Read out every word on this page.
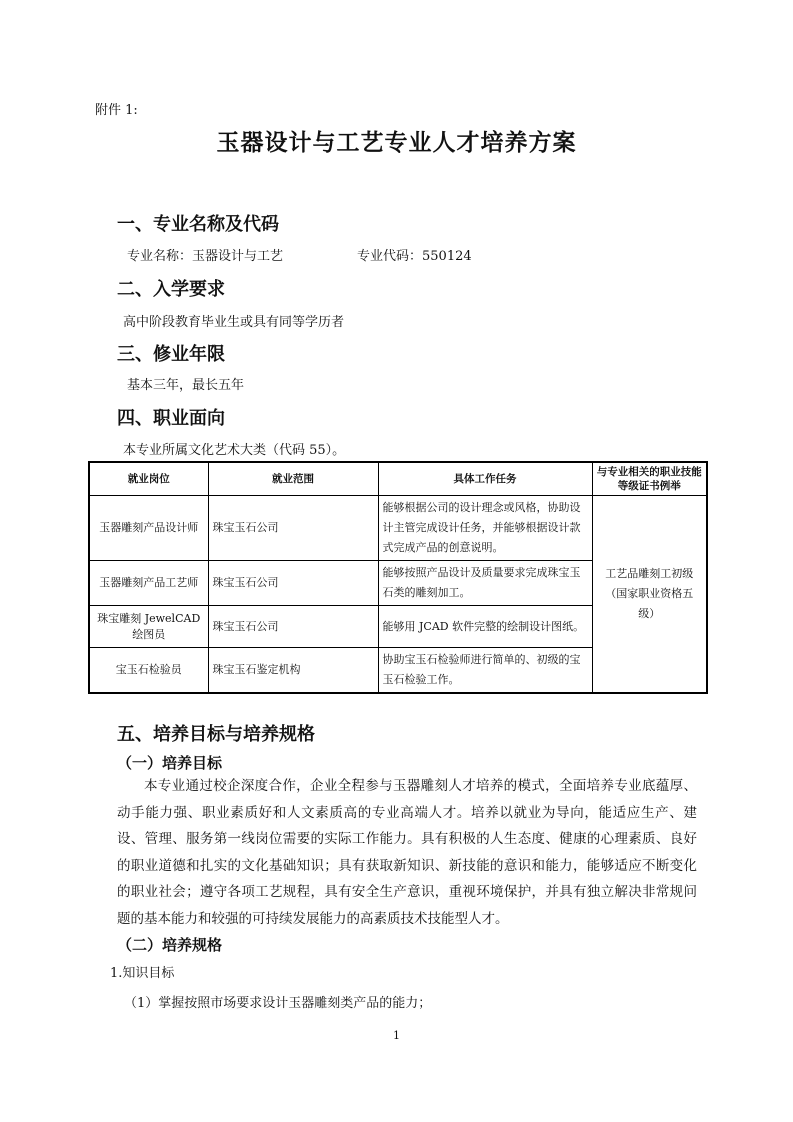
附件 1:
玉器设计与工艺专业人才培养方案
一、专业名称及代码
专业名称：玉器设计与工艺	专业代码：550124
二、入学要求
高中阶段教育毕业生或具有同等学历者
三、修业年限
基本三年，最长五年
四、职业面向
本专业所属文化艺术大类（代码 55）。
就业岗位	就业范围	具体工作任务	与专业相关的职业技能等级证书例举
玉器雕刻产品设计师	珠宝玉石公司	能够根据公司的设计理念或风格，协助设计主管完成设计任务，并能够根据设计款式完成产品的创意说明。	工艺品雕刻工初级（国家职业资格五级）
玉器雕刻产品工艺师	珠宝玉石公司	能够按照产品设计及质量要求完成珠宝玉石类的雕刻加工。	
珠宝雕刻 JewelCAD 绘图员	珠宝玉石公司	能够用 JCAD 软件完整的绘制设计图纸。	
宝玉石检验员	珠宝玉石鉴定机构	协助宝玉石检验师进行简单的、初级的宝玉石检验工作。	
五、培养目标与培养规格
（一）培养目标
本专业通过校企深度合作，企业全程参与玉器雕刻人才培养的模式，全面培养专业底蕴厚、动手能力强、职业素质好和人文素质高的专业高端人才。培养以就业为导向，能适应生产、建设、管理、服务第一线岗位需要的实际工作能力。具有积极的人生态度、健康的心理素质、良好的职业道德和扎实的文化基础知识；具有获取新知识、新技能的意识和能力，能够适应不断变化的职业社会；遵守各项工艺规程，具有安全生产意识，重视环境保护，并具有独立解决非常规问题的基本能力和较强的可持续发展能力的高素质技术技能型人才。
（二）培养规格
1.知识目标
（1）掌握按照市场要求设计玉器雕刻类产品的能力；
1
